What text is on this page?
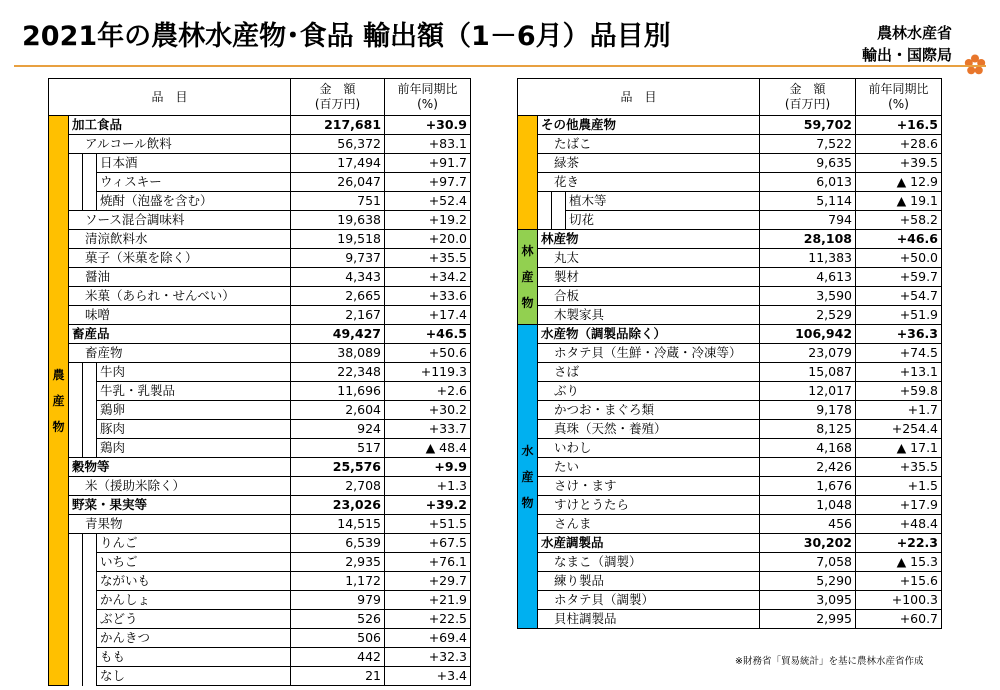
2021年の農林水産物･食品 輸出額（1－6月）品目別	農林水産省
輸出・国際局
品　目				金　額
(百万円)	前年同期比
(%)

農
産
物	加工食品			217,681	+30.9
	アルコール飲料			56,372	+83.1
			日本酒	17,494	+91.7
			ウィスキー	26,047	+97.7
			焼酎（泡盛を含む）	751	+52.4
	ソース混合調味料			19,638	+19.2
	清涼飲料水			19,518	+20.0
	菓子（米菓を除く）			9,737	+35.5
	醤油			4,343	+34.2
	米菓（あられ・せんべい）			2,665	+33.6
	味噌			2,167	+17.4
	畜産品			49,427	+46.5
	畜産物			38,089	+50.6
			牛肉	22,348	+119.3
			牛乳・乳製品	11,696	+2.6
			鶏卵	2,604	+30.2
			豚肉	924	+33.7
			鶏肉	517	▲ 48.4
	穀物等			25,576	+9.9
	米（援助米除く）			2,708	+1.3
	野菜・果実等			23,026	+39.2
	青果物			14,515	+51.5
			りんご	6,539	+67.5
			いちご	2,935	+76.1
			ながいも	1,172	+29.7
			かんしょ	979	+21.9
			ぶどう	526	+22.5
			かんきつ	506	+69.4
			もも	442	+32.3
			なし	21	+3.4
品　目				金　額
(百万円)	前年同期比
(%)
	その他農産物			59,702	+16.5
	たばこ			7,522	+28.6
	緑茶			9,635	+39.5
	花き			6,013	▲ 12.9
			植木等	5,114	▲ 19.1
			切花	794	+58.2

林
産
物	林産物			28,108	+46.6
	丸太			11,383	+50.0
	製材			4,613	+59.7
	合板			3,590	+54.7
	木製家具			2,529	+51.9

水
産
物	水産物（調製品除く）			106,942	+36.3
	ホタテ貝（生鮮・冷蔵・冷凍等）			23,079	+74.5
	さば			15,087	+13.1
	ぶり			12,017	+59.8
	かつお・まぐろ類			9,178	+1.7
	真珠（天然・養殖）			8,125	+254.4
	いわし			4,168	▲ 17.1
	たい			2,426	+35.5
	さけ・ます			1,676	+1.5
	すけとうたら			1,048	+17.9
	さんま			456	+48.4
	水産調製品			30,202	+22.3
	なまこ（調製）			7,058	▲ 15.3
	練り製品			5,290	+15.6
	ホタテ貝（調製）			3,095	+100.3
	貝柱調製品			2,995	+60.7
※財務省「貿易統計」を基に農林水産省作成
